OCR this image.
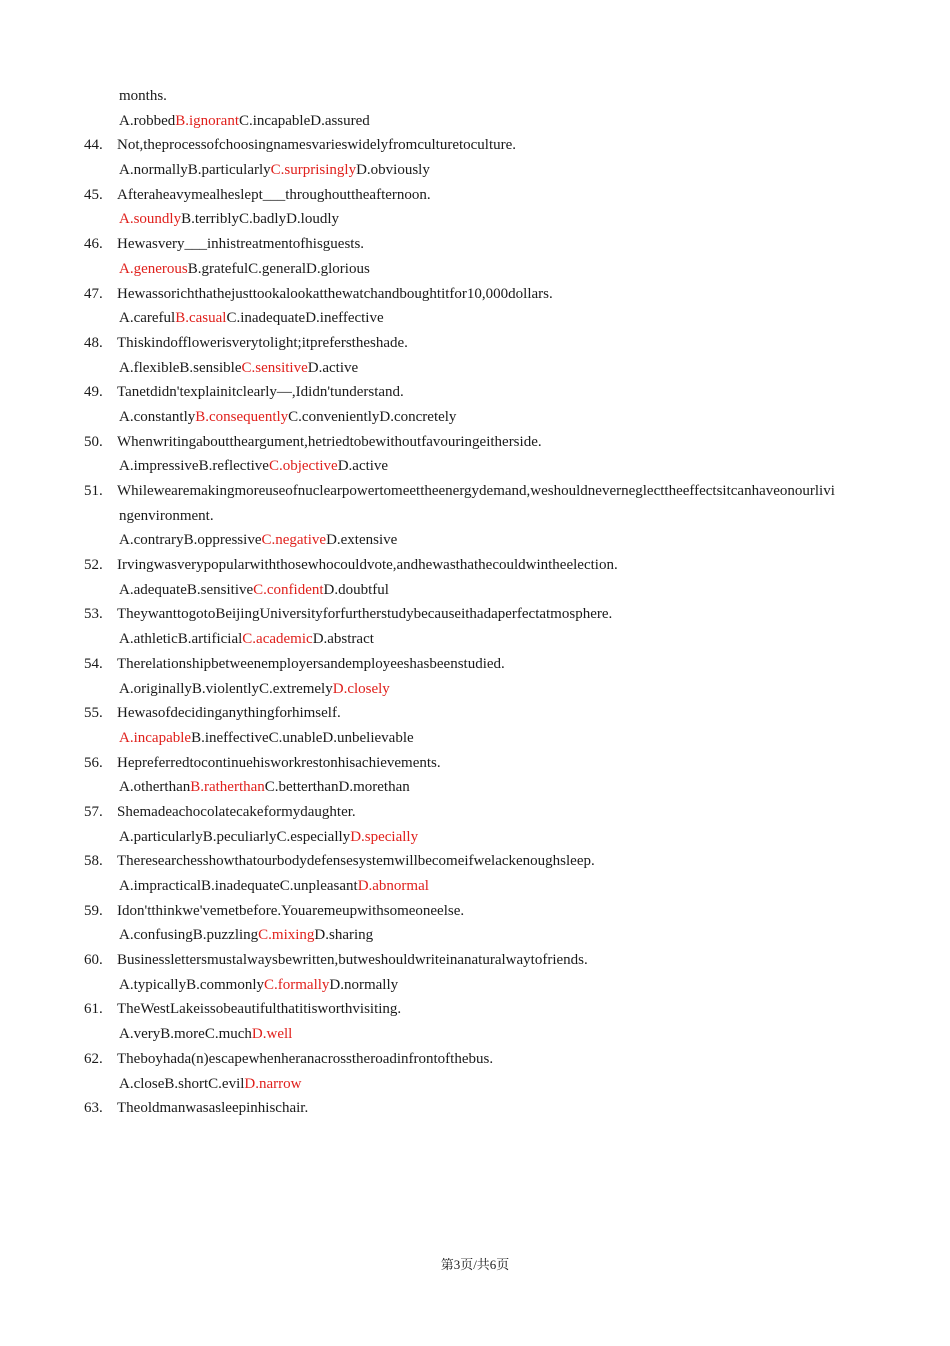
months.
A.robbedB.ignorantC.incapableD.assured
44. Not,theprocessofchoosingnamesvarieswidelyfromculturetoculture.
A.normallyB.particularlyC.surprisinglyD.obviously
45. Afteraheavymealheslept___throughouttheafternoon.
A.soundlyB.terriblyC.badlyD.loudly
46. Hewasvery___inhistreatmentofhisguests.
A.generousB.gratefulC.generalD.glorious
47. Hewassorichthathejusttookalookatthewatchandboughtitfor10,000dollars.
A.carefulB.casualC.inadequateD.ineffective
48. Thiskindofflowerisverytolight;itpreferstheshade.
A.flexibleB.sensibleC.sensitiveD.active
49. Tanetdidn'texplainitclearly—,Ididn'tunderstand.
A.constantlyB.consequentlyC.convenientlyD.concretely
50. Whenwritingabouttheargument,hetriedtobewithoutfavouringeitherside.
A.impressiveB.reflectiveC.objectiveD.active
51. Whilewearemakingmoreuseofnuclearpowertomeettheenergydemand,weshouldneverneglecttheeffectsitcanhaveonourlivi
ngenvironment.
A.contraryB.oppressiveC.negativeD.extensive
52. Irvingwasverypopularwiththosewhocouldvote,andhewasthathecouldwintheelection.
A.adequateB.sensitiveC.confidentD.doubtful
53. TheywanttogotoBeijingUniversityforfurtherstudybecauseithadaperfectatmosphere.
A.athleticB.artificialC.academicD.abstract
54. Therelationshipbetweenemployersandemployeeshasbeenstudied.
A.originallyB.violentlyC.extremelyD.closely
55. Hewasofdecidinganythingforhimself.
A.incapableB.ineffectiveC.unableD.unbelievable
56. Hepreferredtocontinuehisworkrestonhisachievements.
A.otherthanB.ratherthanC.betterthanD.morethan
57. Shemadeachocolatecakeformydaughter.
A.particularlyB.peculiarlyC.especiallyD.specially
58. Theresearchesshowthatourbodydefensesystemwillbecomeifwelackenoughsleep.
A.impracticalB.inadequateC.unpleasantD.abnormal
59. Idon'tthinkwe'vemetbefore.Youaremeupwithsomeoneelse.
A.confusingB.puzzlingC.mixingD.sharing
60. Businesslettersmustalwaysbewritten,butweshouldwriteinanaturalwaytofriends.
A.typicallyB.commonlyC.formallyD.normally
61. TheWestLakeissobeautifulthatitisworthvisiting.
A.veryB.moreC.muchD.well
62. Theboyhada(n)escapewhenheranacrosstheroadinfrontofthebus.
A.closeB.shortC.evilD.narrow
63. Theoldmanwasasleepinhischair.
第3页/共6页
